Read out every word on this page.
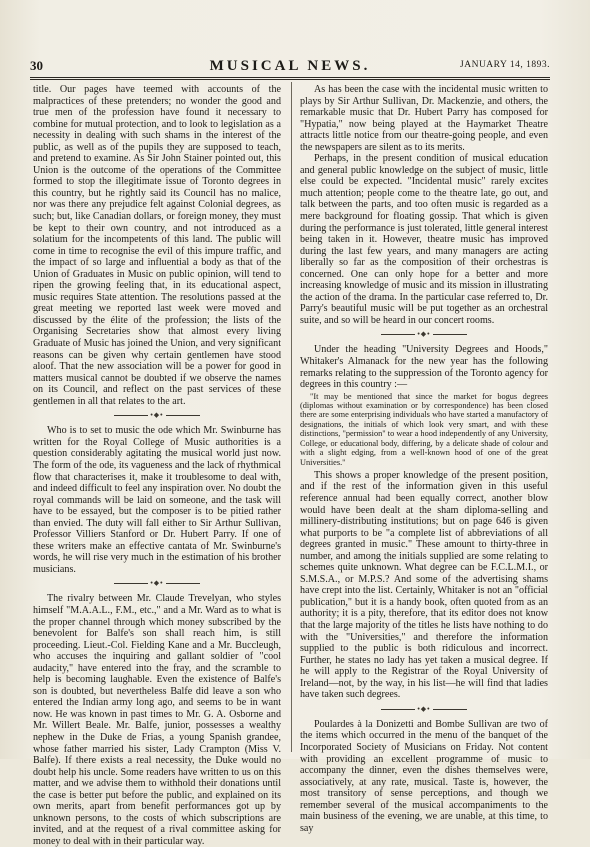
MUSICAL NEWS.
30	JANUARY 14, 1893.

title. Our pages have teemed with accounts of the malpractices of these pretenders; no wonder the good and true men of the profession have found it necessary to combine for mutual protection, and to look to legislation as a necessity in dealing with such shams in the interest of the public, as well as of the pupils they are supposed to teach, and pretend to examine. As Sir John Stainer pointed out, this Union is the outcome of the operations of the Committee formed to stop the illegitimate issue of Toronto degrees in this country, but he rightly said its Council has no malice, nor was there any prejudice felt against Colonial degrees, as such; but, like Canadian dollars, or foreign money, they must be kept to their own country, and not introduced as a solatium for the incompetents of this land. The public will come in time to recognise the evil of this impure traffic, and the impact of so large and influential a body as that of the Union of Graduates in Music on public opinion, will tend to ripen the growing feeling that, in its educational aspect, music requires State attention. The resolutions passed at the great meeting we reported last week were moved and discussed by the élite of the profession; the lists of the Organising Secretaries show that almost every living Graduate of Music has joined the Union, and very significant reasons can be given why certain gentlemen have stood aloof. That the new association will be a power for good in matters musical cannot be doubted if we observe the names on its Council, and reflect on the past services of these gentlemen in all that relates to the art.

•◆•

Who is to set to music the ode which Mr. Swinburne has written for the Royal College of Music authorities is a question considerably agitating the musical world just now. The form of the ode, its vagueness and the lack of rhythmical flow that characterises it, make it troublesome to deal with, and indeed difficult to feel any inspiration over. No doubt the royal commands will be laid on someone, and the task will have to be essayed, but the composer is to be pitied rather than envied. The duty will fall either to Sir Arthur Sullivan, Professor Villiers Stanford or Dr. Hubert Parry. If one of these writers make an effective cantata of Mr. Swinburne's words, he will rise very much in the estimation of his brother musicians.

•◆•

The rivalry between Mr. Claude Trevelyan, who styles himself "M.A.A.L., F.M., etc.," and a Mr. Ward as to what is the proper channel through which money subscribed by the benevolent for Balfe's son shall reach him, is still proceeding. Lieut.-Col. Fielding Kane and a Mr. Buccleugh, who accuses the inquiring and gallant soldier of "cool audacity," have entered into the fray, and the scramble to help is becoming laughable. Even the existence of Balfe's son is doubted, but nevertheless Balfe did leave a son who entered the Indian army long ago, and seems to be in want now. He was known in past times to Mr. G. A. Osborne and Mr. Willert Beale. Mr. Balfe, junior, possesses a wealthy nephew in the Duke de Frias, a young Spanish grandee, whose father married his sister, Lady Crampton (Miss V. Balfe). If there exists a real necessity, the Duke would no doubt help his uncle. Some readers have written to us on this matter, and we advise them to withhold their donations until the case is better put before the public, and explained on its own merits, apart from benefit performances got up by unknown persons, to the costs of which subscriptions are invited, and at the request of a rival committee asking for money to deal with in their particular way.

As has been the case with the incidental music written to plays by Sir Arthur Sullivan, Dr. Mackenzie, and others, the remarkable music that Dr. Hubert Parry has composed for "Hypatia," now being played at the Haymarket Theatre attracts little notice from our theatre-going people, and even the newspapers are silent as to its merits.

Perhaps, in the present condition of musical education and general public knowledge on the subject of music, little else could be expected. "Incidental music" rarely excites much attention; people come to the theatre late, go out, and talk between the parts, and too often music is regarded as a mere background for floating gossip. That which is given during the performance is just tolerated, little general interest being taken in it. However, theatre music has improved during the last few years, and many managers are acting liberally so far as the composition of their orchestras is concerned. One can only hope for a better and more increasing knowledge of music and its mission in illustrating the action of the drama. In the particular case referred to, Dr. Parry's beautiful music will be put together as an orchestral suite, and so will be heard in our concert rooms.

•◆•

Under the heading "University Degrees and Hoods," Whitaker's Almanack for the new year has the following remarks relating to the suppression of the Toronto agency for degrees in this country :—

"It may be mentioned that since the market for bogus degrees (diplomas without examination or by correspondence) has been closed there are some enterprising individuals who have started a manufactory of designations, the initials of which look very smart, and with these distinctions, "permission" to wear a hood independently of any University, College, or educational body, differing, by a delicate shade of colour and with a slight edging, from a well-known hood of one of the great Universities."

This shows a proper knowledge of the present position, and if the rest of the information given in this useful reference annual had been equally correct, another blow would have been dealt at the sham diploma-selling and millinery-distributing institutions; but on page 646 is given what purports to be "a complete list of abbreviations of all degrees granted in music." These amount to thirty-three in number, and among the initials supplied are some relating to schemes quite unknown. What degree can be F.C.L.M.I., or S.M.S.A., or M.P.S.? And some of the advertising shams have crept into the list. Certainly, Whitaker is not an "official publication," but it is a handy book, often quoted from as an authority; it is a pity, therefore, that its editor does not know that the large majority of the titles he lists have nothing to do with the "Universities," and therefore the information supplied to the public is both ridiculous and incorrect. Further, he states no lady has yet taken a musical degree. If he will apply to the Registrar of the Royal University of Ireland—not, by the way, in his list—he will find that ladies have taken such degrees.

•◆•

Poulardes à la Donizetti and Bombe Sullivan are two of the items which occurred in the menu of the banquet of the Incorporated Society of Musicians on Friday. Not content with providing an excellent programme of music to accompany the dinner, even the dishes themselves were, associatively, at any rate, musical. Taste is, however, the most transitory of sense perceptions, and though we remember several of the musical accompaniments to the main business of the evening, we are unable, at this time, to say
